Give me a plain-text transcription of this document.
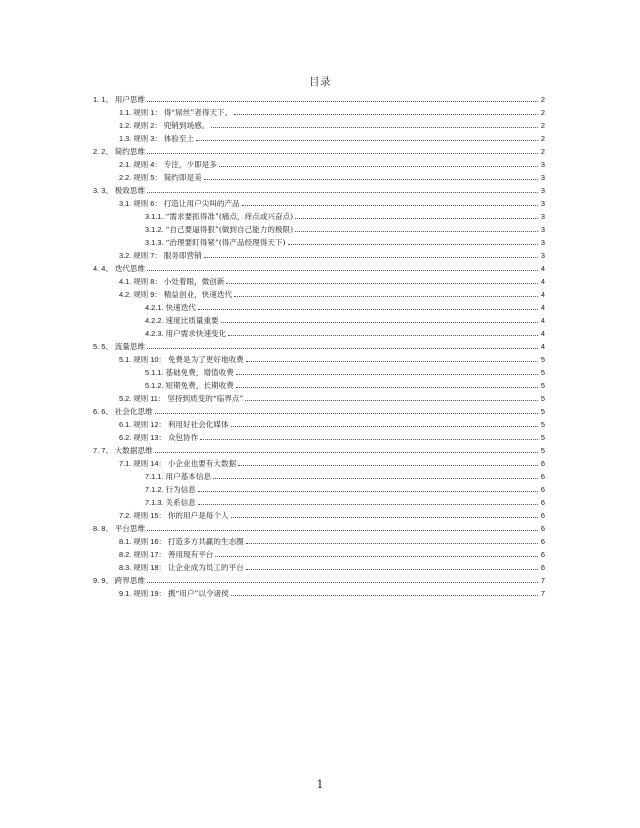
目录
1. 1、 用户思维	2
1.1. 规则 1： 得“屌丝”者得天下。	2
1.2. 规则 2： 兜销到场感。	2
1.3. 规则 3： 体验至上	2
2. 2、 简约思维	2
2.1. 规则 4： 专注，少即是多	3
2.2. 规则 5： 简约即是美	3
3. 3、 极致思维	3
3.1. 规则 6： 打造让用户尖叫的产品	3
3.1.1. “需求要抓得准”(痛点，痒点或兴奋点)	3
3.1.2. “自己要逼得狠”(做到自己能力的极限)	3
3.1.3. “治理要盯得紧”(得产品经理得天下)	3
3.2. 规则 7： 服务即营销	3
4. 4、 迭代思维	4
4.1. 规则 8： 小处着眼，微创新	4
4.2. 规则 9： 精益创业，快速迭代	4
4.2.1. 快速迭代	4
4.2.2. 速度比质量重要	4
4.2.3. 用户需求快速变化	4
5. 5、 流量思维	4
5.1. 规则 10： 免费是为了更好地收费	5
5.1.1. 基础免费，增值收费	5
5.1.2. 短期免费，长期收费	5
5.2. 规则 11： 坚持到质变的“临界点”	5
6. 6、 社会化思维	5
6.1. 规则 12： 利用好社会化媒体	5
6.2. 规则 13： 众包协作	5
7. 7、 大数据思维	5
7.1. 规则 14： 小企业也要有大数据	6
7.1.1. 用户基本信息	6
7.1.2. 行为信息	6
7.1.3. 关系信息	6
7.2. 规则 15： 你的用户是每个人	6
8. 8、 平台思维	6
8.1. 规则 16： 打造多方共赢的生态圈	6
8.2. 规则 17： 善用现有平台	6
8.3. 规则 18： 让企业成为员工的平台	6
9. 9、 跨界思维	7
9.1. 规则 19： 携“用户”以令诸侯	7
1
